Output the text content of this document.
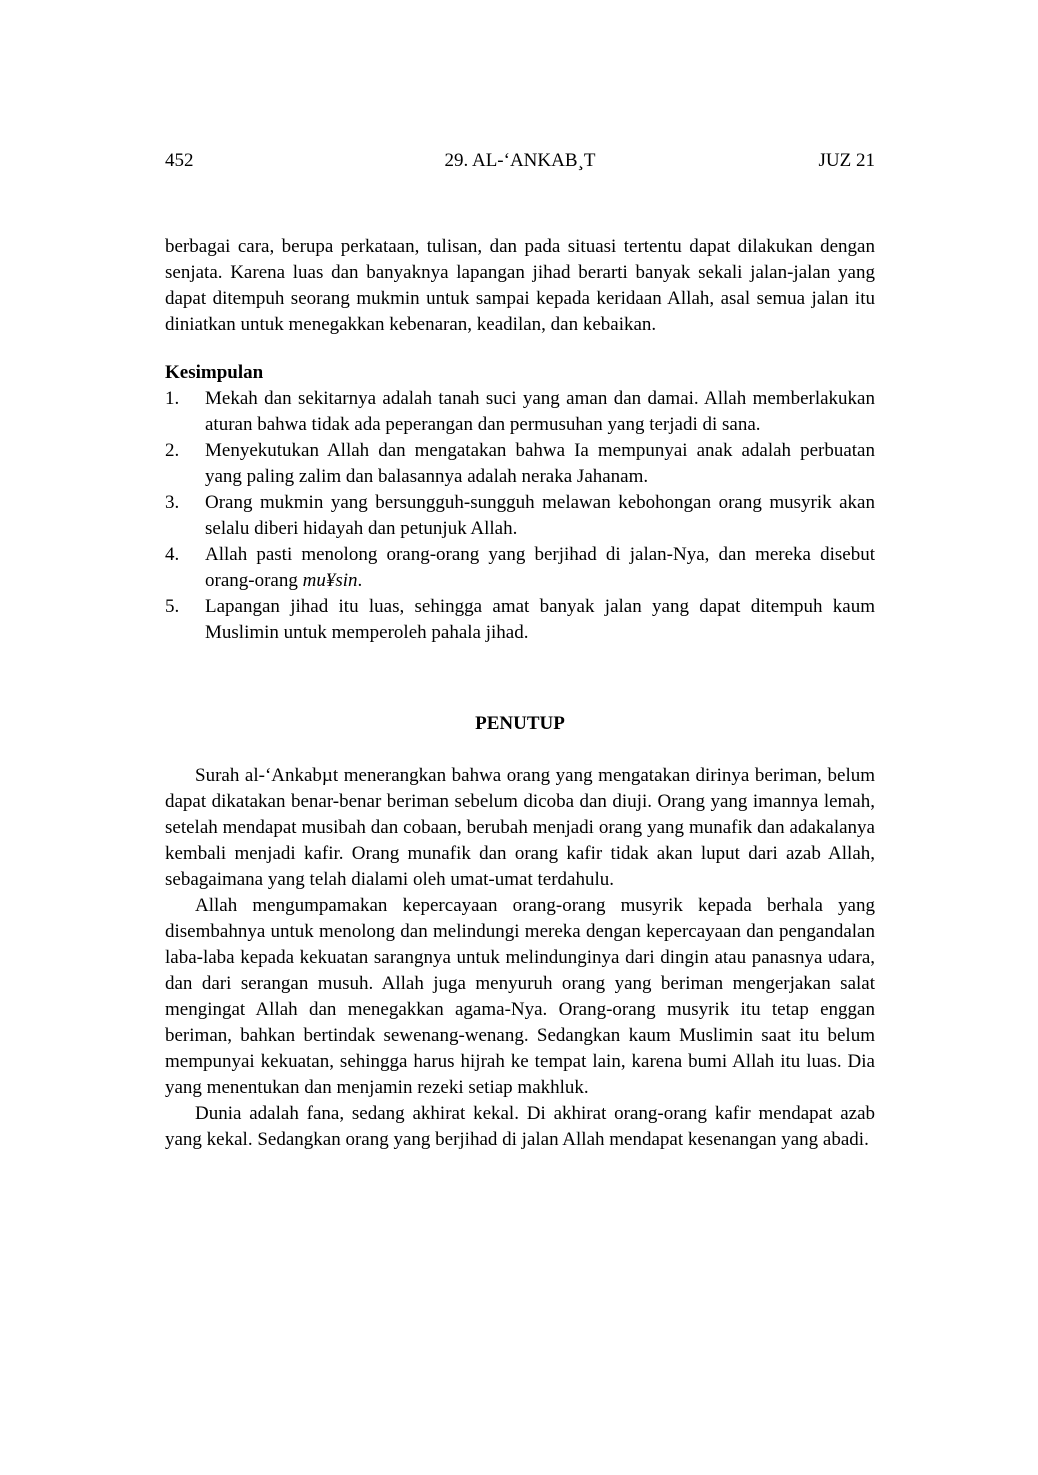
452	29. AL-‘ANKAB¸T	JUZ 21
berbagai cara, berupa perkataan, tulisan, dan pada situasi tertentu dapat dilakukan dengan senjata. Karena luas dan banyaknya lapangan jihad berarti banyak sekali jalan-jalan yang dapat ditempuh seorang mukmin untuk sampai kepada keridaan Allah, asal semua jalan itu diniatkan untuk menegakkan kebenaran, keadilan, dan kebaikan.
Kesimpulan
1. Mekah dan sekitarnya adalah tanah suci yang aman dan damai. Allah memberlakukan aturan bahwa tidak ada peperangan dan permusuhan yang terjadi di sana.
2. Menyekutukan Allah dan mengatakan bahwa Ia mempunyai anak adalah perbuatan yang paling zalim dan balasannya adalah neraka Jahanam.
3. Orang mukmin yang bersungguh-sungguh melawan kebohongan orang musyrik akan selalu diberi hidayah dan petunjuk Allah.
4. Allah pasti menolong orang-orang yang berjihad di jalan-Nya, dan mereka disebut orang-orang mu¥sin.
5. Lapangan jihad itu luas, sehingga amat banyak jalan yang dapat ditempuh kaum Muslimin untuk memperoleh pahala jihad.
PENUTUP
Surah al-‘Ankabµt menerangkan bahwa orang yang mengatakan dirinya beriman, belum dapat dikatakan benar-benar beriman sebelum dicoba dan diuji. Orang yang imannya lemah, setelah mendapat musibah dan cobaan, berubah menjadi orang yang munafik dan adakalanya kembali menjadi kafir. Orang munafik dan orang kafir tidak akan luput dari azab Allah, sebagaimana yang telah dialami oleh umat-umat terdahulu.
Allah mengumpamakan kepercayaan orang-orang musyrik kepada berhala yang disembahnya untuk menolong dan melindungi mereka dengan kepercayaan dan pengandalan laba-laba kepada kekuatan sarangnya untuk melindunginya dari dingin atau panasnya udara, dan dari serangan musuh. Allah juga menyuruh orang yang beriman mengerjakan salat mengingat Allah dan menegakkan agama-Nya. Orang-orang musyrik itu tetap enggan beriman, bahkan bertindak sewenang-wenang. Sedangkan kaum Muslimin saat itu belum mempunyai kekuatan, sehingga harus hijrah ke tempat lain, karena bumi Allah itu luas. Dia yang menentukan dan menjamin rezeki setiap makhluk.
Dunia adalah fana, sedang akhirat kekal. Di akhirat orang-orang kafir mendapat azab yang kekal. Sedangkan orang yang berjihad di jalan Allah mendapat kesenangan yang abadi.
